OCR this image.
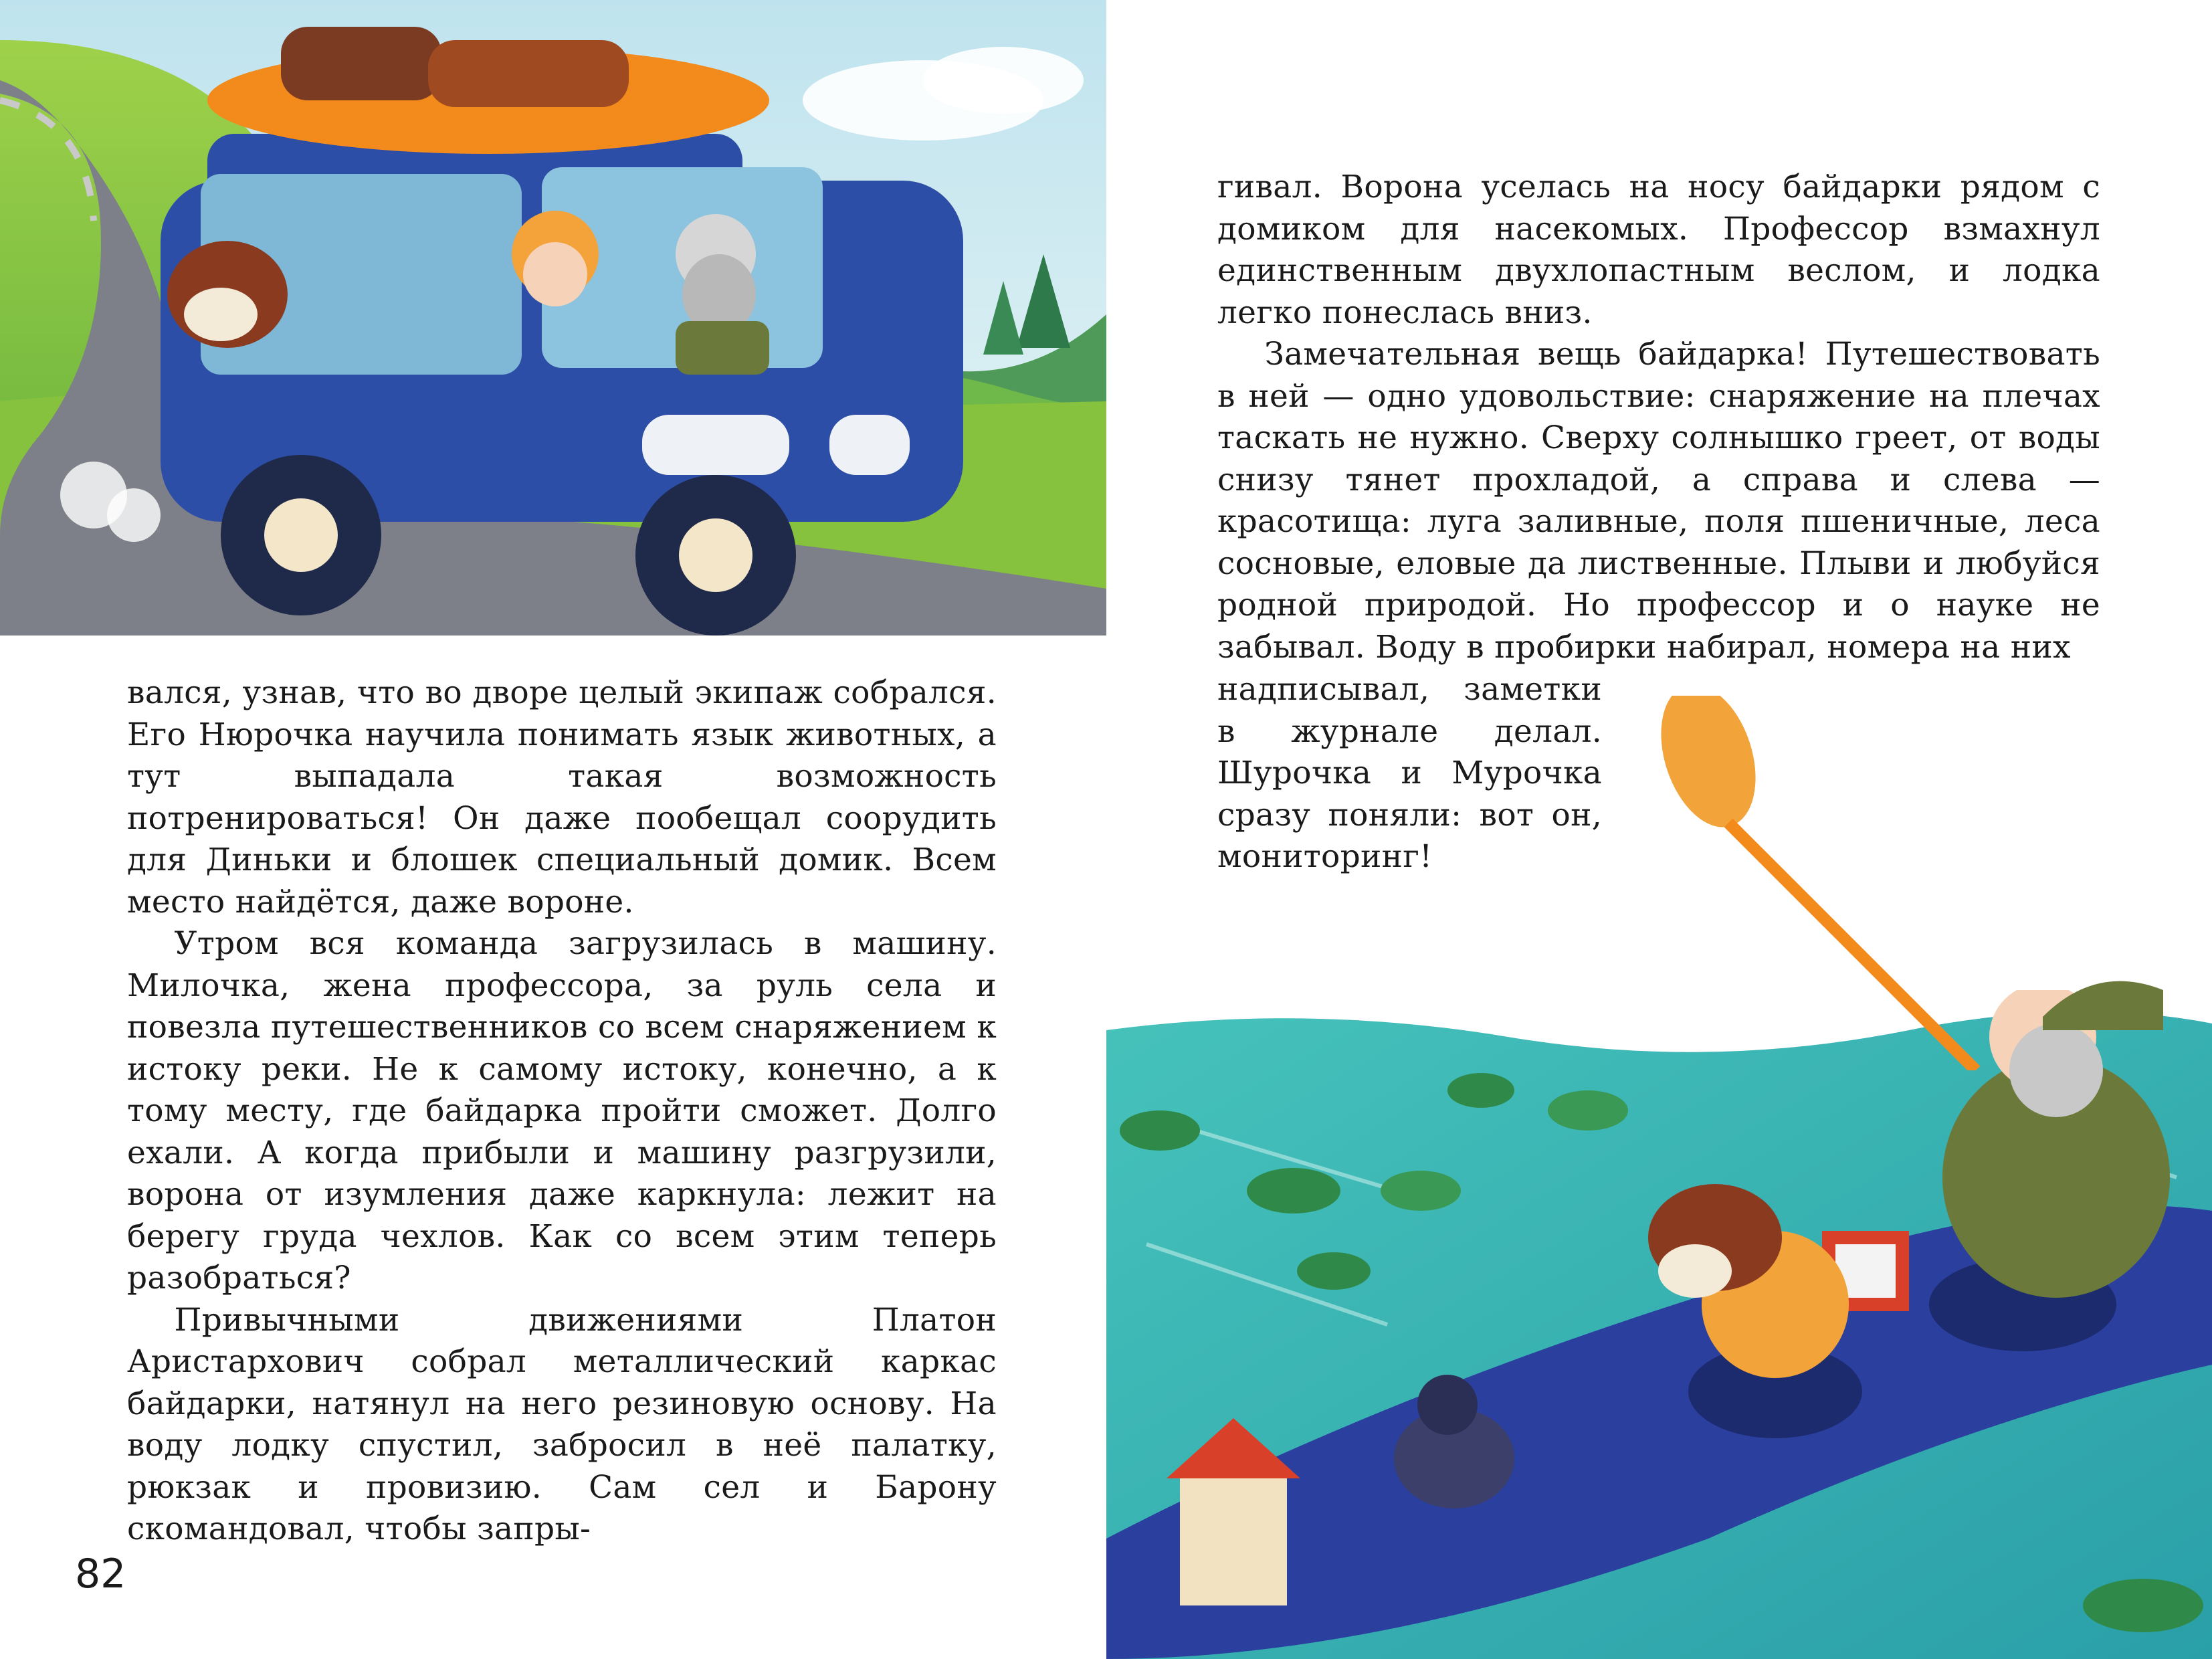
вался, узнав, что во дворе целый экипаж собрался. Его Нюрочка научила понимать язык животных, а тут выпадала такая возможность потренироваться! Он даже пообещал соорудить для Диньки и блошек специальный домик. Всем место найдётся, даже вороне.

Утром вся команда загрузилась в машину. Милочка, жена профессора, за руль села и повезла путешественников со всем снаряжением к истоку реки. Не к самому истоку, конечно, а к тому месту, где байдарка пройти сможет. Долго ехали. А когда прибыли и машину разгрузили, ворона от изумления даже каркнула: лежит на берегу груда чехлов. Как со всем этим теперь разобраться?

Привычными движениями Платон Аристархович собрал металлический каркас байдарки, натянул на него резиновую основу. На воду лодку спустил, забросил в неё палатку, рюкзак и провизию. Сам сел и Барону скомандовал, чтобы запры-

82

гивал. Ворона уселась на носу байдарки рядом с домиком для насекомых. Профессор взмахнул единственным двухлопастным веслом, и лодка легко понеслась вниз.

Замечательная вещь байдарка! Путешествовать в ней — одно удовольствие: снаряжение на плечах таскать не нужно. Сверху солнышко греет, от воды снизу тянет прохладой, а справа и слева — красотища: луга заливные, поля пшеничные, леса сосновые, еловые да лиственные. Плыви и любуйся родной природой. Но профессор и о науке не забывал. Воду в пробирки набирал, номера на них

надписывал, заметки в журнале делал. Шурочка и Мурочка сразу поняли: вот он, мониторинг!
